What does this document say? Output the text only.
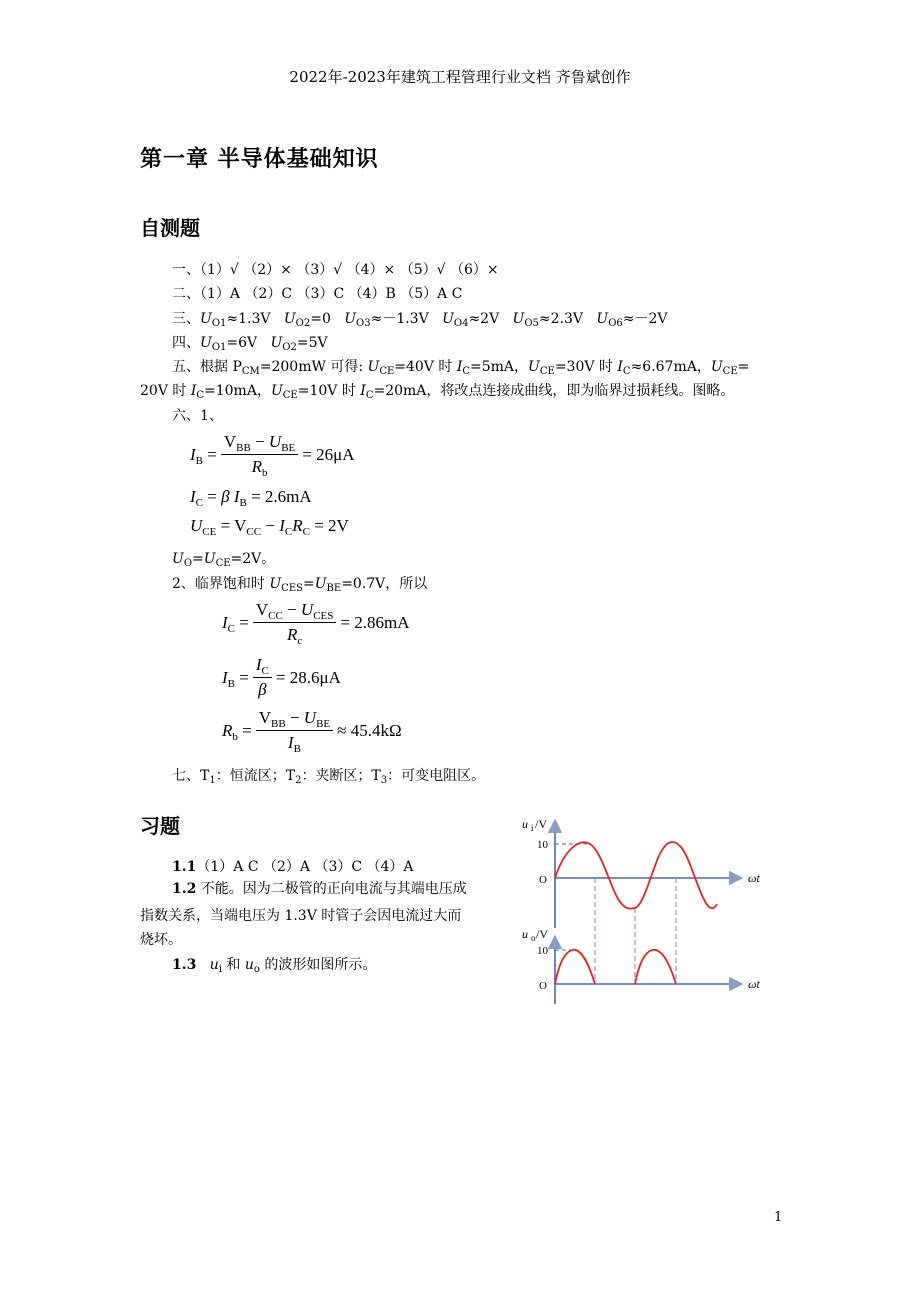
2022年-2023年建筑工程管理行业文档 齐鲁斌创作
第一章 半导体基础知识
自测题
一、（1）√ （2）× （3）√ （4）× （5）√ （6）×
二、（1）A （2）C （3）C （4）B （5）A C
三、$U_{O1}\approx 1.3V$ $U_{O2}=0$ $U_{O3}\approx-1.3V$ $U_{O4}\approx 2V$ $U_{O5}\approx 2.3V$ $U_{O6}\approx-2V$
四、$U_{O1}=6V$ $U_{O2}=5V$
五、根据 $P_{CM}=200mW$ 可得: $U_{CE}=40V$ 时 $I_C=5mA$，$U_{CE}=30V$ 时 $I_C\approx 6.67mA$，$U_{CE}=$
20V 时 $I_C=10mA$，$U_{CE}=10V$ 时 $I_C=20mA$，将改点连接成曲线，即为临界过损耗线。图略。
六、1、
$I_B = \frac{V_{BB} - U_{BE}}{R_b} = 26\mu A$
$I_C = \beta$ $I_B$
= 2.6mA
$U_{CE} = V_{CC} - I_CR_C$
= 2V
$U_O=U_{CE}=2V$。
2、临界饱和时 $U_{CES}=U_{BE}=0.7V$，所以
$I_C = \frac{V_{CC} - U_{CES}}{R_c} = 2.86mA$
$I_B = \frac{I_C}{\beta} = 28.6\mu A$
$R_b = \frac{V_{BB} - U_{BE}}{I_B} \approx 45.4k\Omega$
七、$T_1$：恒流区；$T_2$：夹断区；$T_3$：可变电阻区。
习题
1.1（1）A C （2）A （3）C （4）A
1.2 不能。因为二极管的正向电流与其端电压成
指数关系，当端电压为 1.3V 时管子会因电流过大而
烧坏。
1.3 $u_i$ 和 $u_o$ 的波形如图所示。
u i /V
10
O	ωt
u o /V
10
O	ωt
1
